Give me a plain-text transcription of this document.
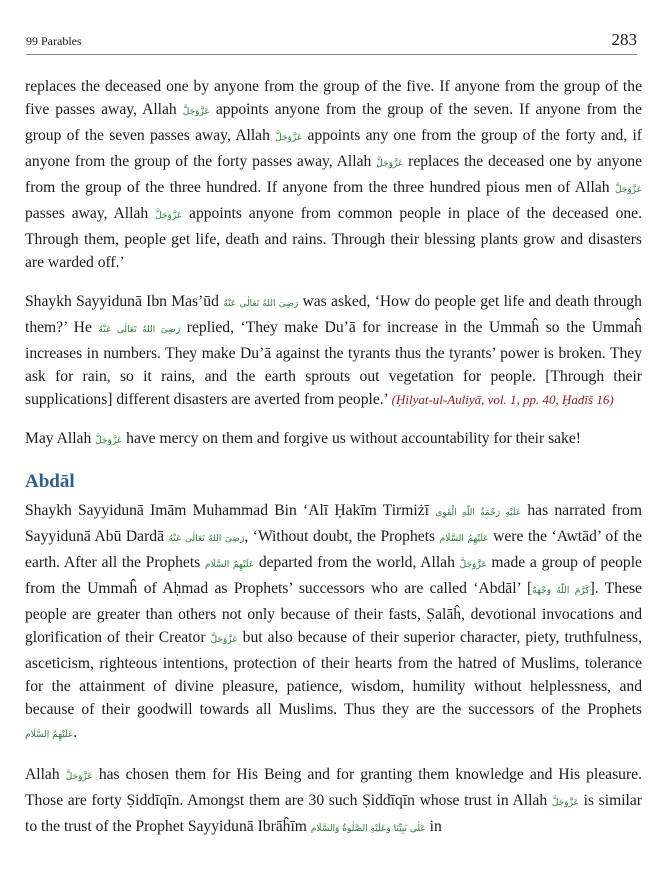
99 Parables	283

replaces the deceased one by anyone from the group of the five. If anyone from the group of the five passes away, Allah عَزَّوَجَلَّ appoints anyone from the group of the seven. If anyone from the group of the seven passes away, Allah عَزَّوَجَلَّ appoints any one from the group of the forty and, if anyone from the group of the forty passes away, Allah عَزَّوَجَلَّ replaces the deceased one by anyone from the group of the three hundred. If anyone from the three hundred pious men of Allah عَزَّوَجَلَّ passes away, Allah عَزَّوَجَلَّ appoints anyone from common people in place of the deceased one. Through them, people get life, death and rains. Through their blessing plants grow and disasters are warded off.’

Shaykh Sayyidunā Ibn Mas’ūd رَضِیَ اللهُ تَعَالٰی عَنْهُ was asked, ‘How do people get life and death through them?’ He رَضِیَ اللهُ تَعَالٰی عَنْهُ replied, ‘They make Du’ā for increase in the Ummaĥ so the Ummaĥ increases in numbers. They make Du’ā against the tyrants thus the tyrants’ power is broken. They ask for rain, so it rains, and the earth sprouts out vegetation for people. [Through their supplications] different disasters are averted from people.’ (Ḥilyat-ul-Auliyā, vol. 1, pp. 40, Ḥadīš 16)

May Allah عَزَّوَجَلَّ have mercy on them and forgive us without accountability for their sake!

Abdāl

Shaykh Sayyidunā Imām Muhammad Bin ‘Alī Ḥakīm Tirmiżī عَلَيْهِ رَحْمَةُ اللّٰهِ الْقَوِى has narrated from Sayyidunā Abū Dardā رَضِیَ اللهُ تَعَالٰی عَنْهُ, ‘Without doubt, the Prophets عَلَيْهِمُ السَّلَام were the ‘Awtād’ of the earth. After all the Prophets عَلَيْهِمُ السَّلَام departed from the world, Allah عَزَّوَجَلَّ made a group of people from the Ummaĥ of Aḥmad as Prophets’ successors who are called ‘Abdāl’ [كَرَّمَ اللّٰهُ وَجْهَهُ]. These people are greater than others not only because of their fasts, Ṣalāĥ, devotional invocations and glorification of their Creator عَزَّوَجَلَّ but also because of their superior character, piety, truthfulness, asceticism, righteous intentions, protection of their hearts from the hatred of Muslims, tolerance for the attainment of divine pleasure, patience, wisdom, humility without helplessness, and because of their goodwill towards all Muslims. Thus they are the successors of the Prophets عَلَيْهِمُ السَّلَام.

Allah عَزَّوَجَلَّ has chosen them for His Being and for granting them knowledge and His pleasure. Those are forty Ṣiddīqīn. Amongst them are 30 such Ṣiddīqīn whose trust in Allah عَزَّوَجَلَّ is similar to the trust of the Prophet Sayyidunā Ibrāĥīm عَلٰى نَبِيِّنَا وَعَلَيْهِ الصَّلٰوةُ وَالسَّلَام in
